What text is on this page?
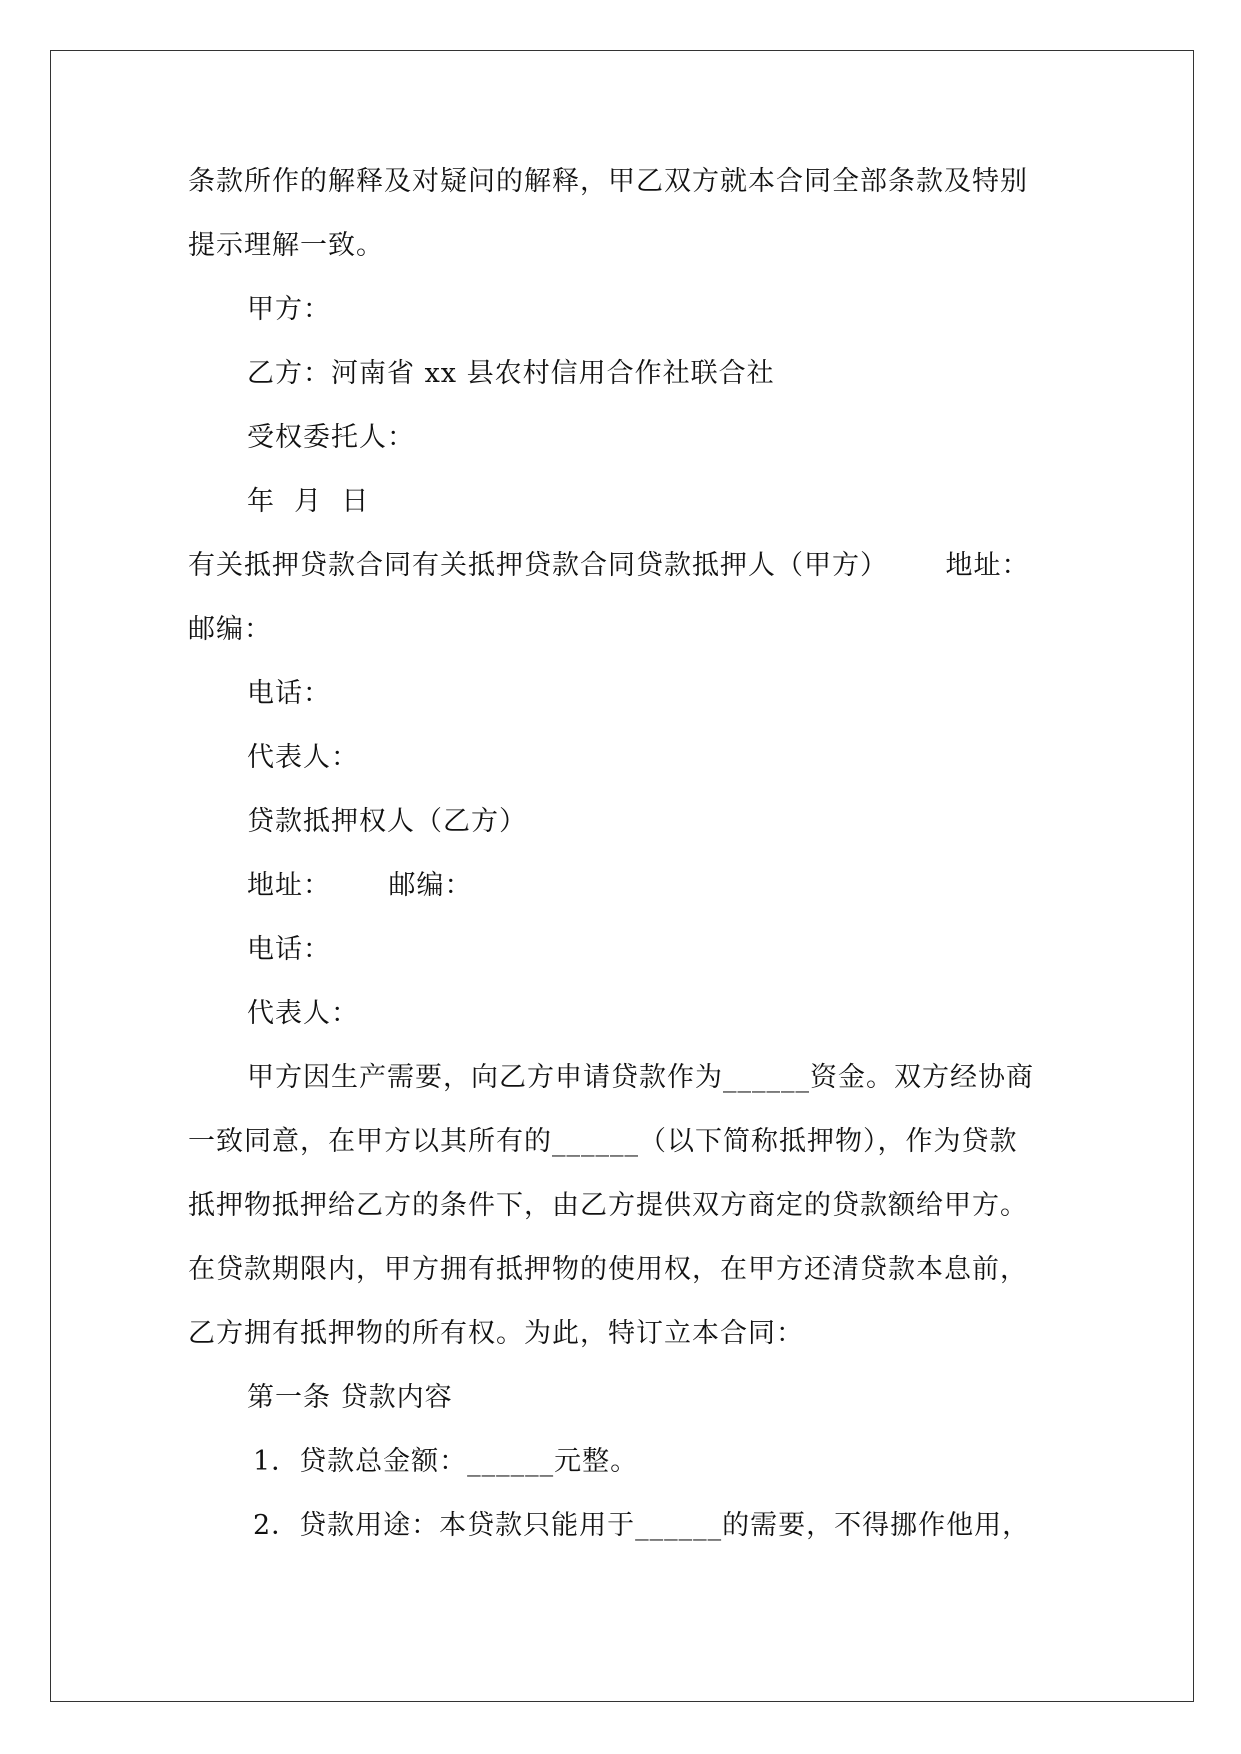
条款所作的解释及对疑问的解释，甲乙双方就本合同全部条款及特别
提示理解一致。
甲方：
乙方：河南省 xx 县农村信用合作社联合社
受权委托人：
年  月  日
有关抵押贷款合同有关抵押贷款合同贷款抵押人（甲方）      地址：
邮编：
电话：
代表人：
贷款抵押权人（乙方）
地址：      邮编：
电话：
代表人：
甲方因生产需要，向乙方申请贷款作为______资金。双方经协商
一致同意，在甲方以其所有的______（以下简称抵押物），作为贷款
抵押物抵押给乙方的条件下，由乙方提供双方商定的贷款额给甲方。
在贷款期限内，甲方拥有抵押物的使用权，在甲方还清贷款本息前，
乙方拥有抵押物的所有权。为此，特订立本合同：
第一条 贷款内容
1．贷款总金额：______元整。
2．贷款用途：本贷款只能用于______的需要，不得挪作他用，
